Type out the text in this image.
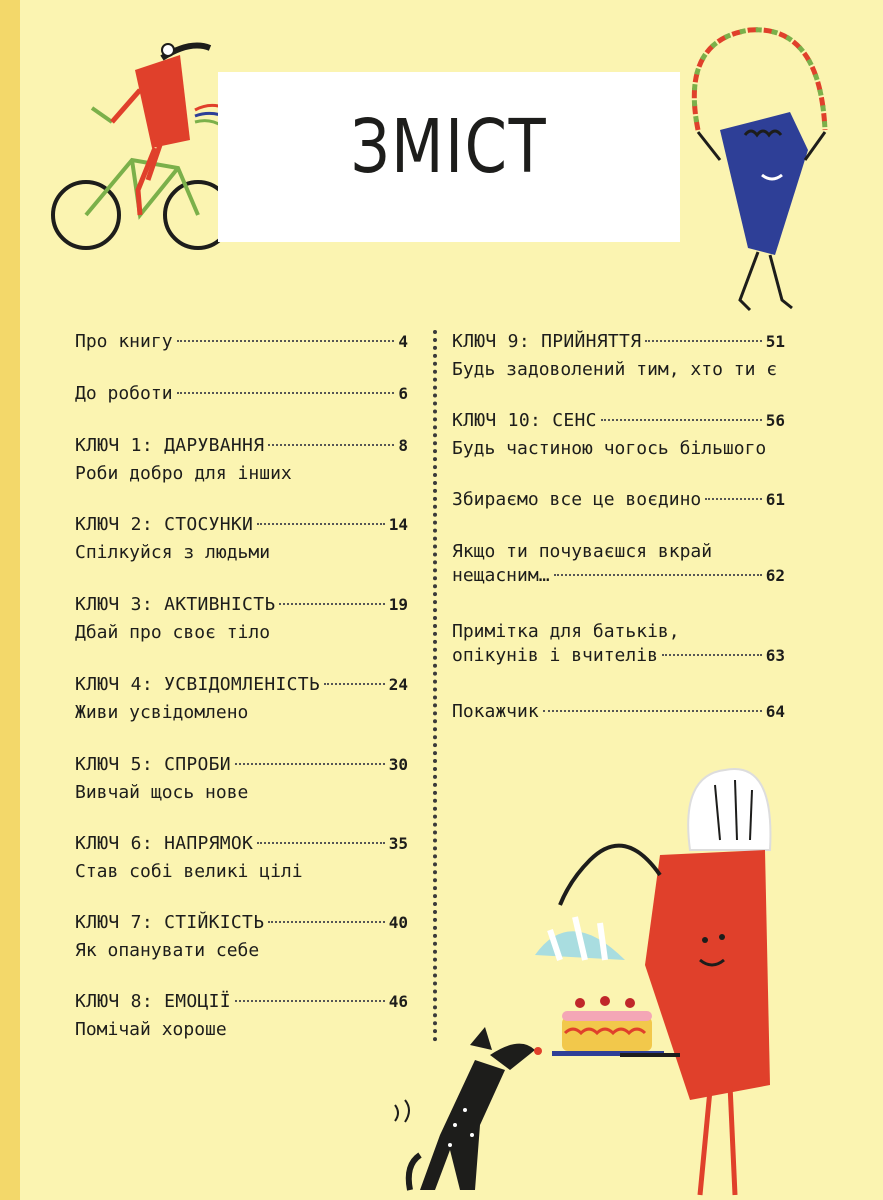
ЗМІСТ
Про книгу	4
До роботи	6
КЛЮЧ 1: ДАРУВАННЯ	8
Роби добро для інших
КЛЮЧ 2: СТОСУНКИ	14
Спілкуйся з людьми
КЛЮЧ 3: АКТИВНІСТЬ	19
Дбай про своє тіло
КЛЮЧ 4: УСВІДОМЛЕНІСТЬ	24
Живи усвідомлено
КЛЮЧ 5: СПРОБИ	30
Вивчай щось нове
КЛЮЧ 6: НАПРЯМОК	35
Став собі великі цілі
КЛЮЧ 7: СТІЙКІСТЬ	40
Як опанувати себе
КЛЮЧ 8: ЕМОЦІЇ	46
Помічай хороше
КЛЮЧ 9: ПРИЙНЯТТЯ	51
Будь задоволений тим, хто ти є
КЛЮЧ 10: СЕНС	56
Будь частиною чогось більшого
Збираємо все це воєдино	61
Якщо ти почуваєшся вкрай
нещасним…	62
Примітка для батьків,
опікунів і вчителів	63
Покажчик	64
